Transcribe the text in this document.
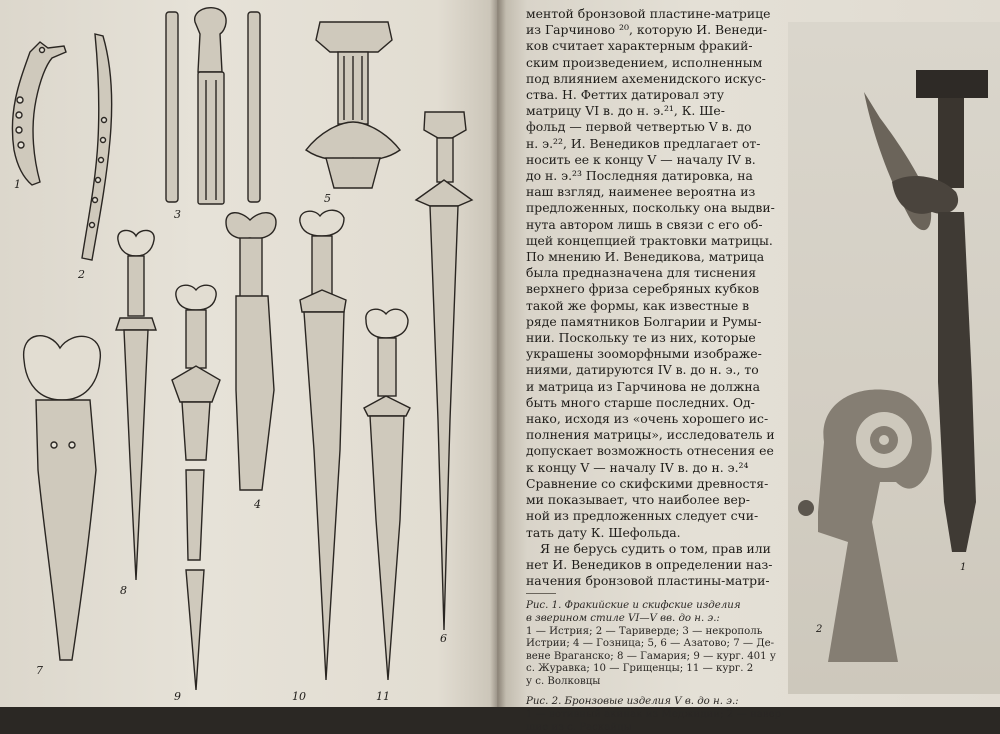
1
2
3
4
5
6
7
8
9	10	11
ментой бронзовой пластине-матрице
из Гарчиново ²⁰, которую И. Венеди-
ков считает характерным фракий-
ским произведением, исполненным
под влиянием ахеменидского искус-
ства. Н. Феттих датировал эту
матрицу VI в. до н. э.²¹, К. Ше-
фольд — первой четвертью V в. до
н. э.²², И. Венедиков предлагает от-
носить ее к концу V — началу IV в.
до н. э.²³ Последняя датировка, на
наш взгляд, наименее вероятна из
предложенных, поскольку она выдви-
нута автором лишь в связи с его об-
щей концепцией трактовки матрицы.
По мнению И. Венедикова, матрица
была предназначена для тиснения
верхнего фриза серебряных кубков
такой же формы, как известные в
ряде памятников Болгарии и Румы-
нии. Поскольку те из них, которые
украшены зооморфными изображе-
ниями, датируются IV в. до н. э., то
и матрица из Гарчинова не должна
быть много старше последних. Од-
нако, исходя из «очень хорошего ис-
полнения матрицы», исследователь и
допускает возможность отнесения ее
к концу V — началу IV в. до н. э.²⁴
Сравнение со скифскими древностя-
ми показывает, что наиболее вер-
ной из предложенных следует счи-
тать дату К. Шефольда.
Я не берусь судить о том, прав или
нет И. Венедиков в определении наз-
начения бронзовой пластины-матри-
Рис. 1. Фракийские и скифские изделия
в зверином стиле VI—V вв. до н. э.:
1 — Истрия; 2 — Тариверде; 3 — некрополь
Истрии; 4 — Гозница; 5, 6 — Азатово; 7 — Де-
вене Враганско; 8 — Гамария; 9 — кург. 401 у
с. Журавка; 10 — Грищенцы; 11 — кург. 2
у с. Волковцы
Рис. 2. Бронзовые изделия V в. до н. э.:
1 — вотивный акинак из Меджидии; 2 — навер-
шие из с. Раскайцы
1
2
